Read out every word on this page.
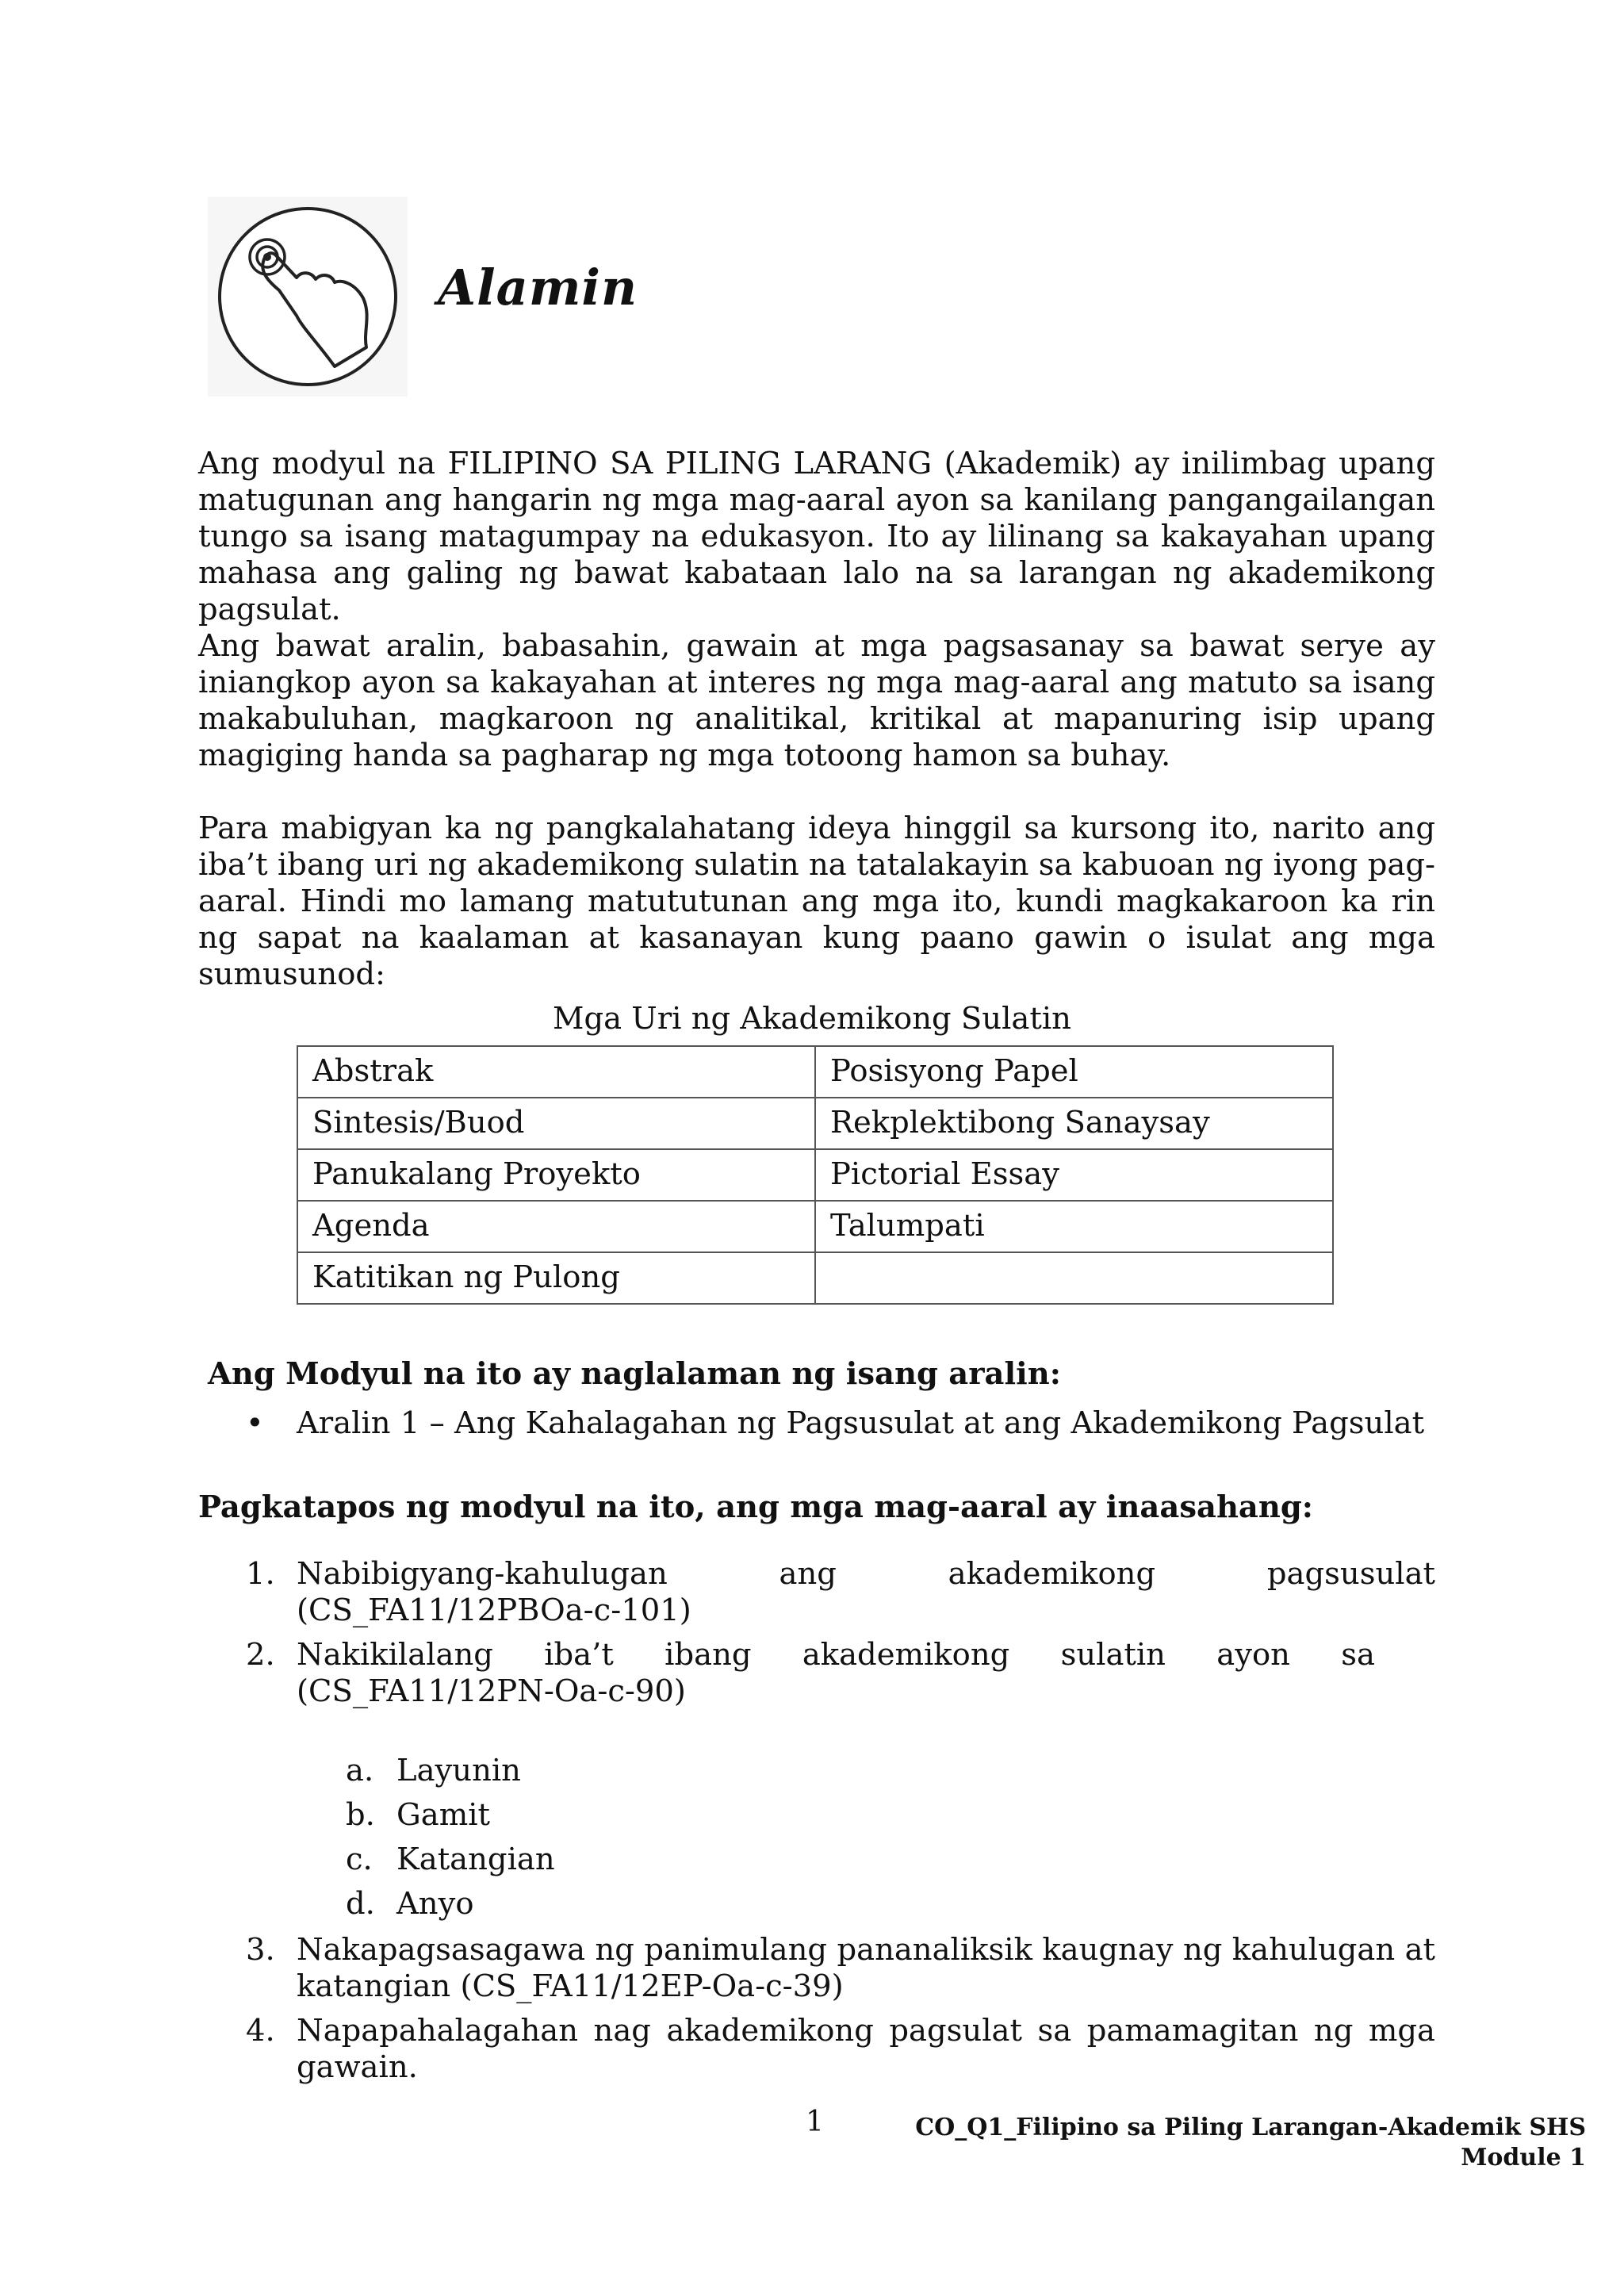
Alamin

Ang modyul na FILIPINO SA PILING LARANG (Akademik) ay inilimbag upang matugunan ang hangarin ng mga mag-aaral ayon sa kanilang pangangailangan tungo sa isang matagumpay na edukasyon. Ito ay lilinang sa kakayahan upang mahasa ang galing ng bawat kabataan lalo na sa larangan ng akademikong pagsulat.

Ang bawat aralin, babasahin, gawain at mga pagsasanay sa bawat serye ay iniangkop ayon sa kakayahan at interes ng mga mag-aaral ang matuto sa isang makabuluhan, magkaroon ng analitikal, kritikal at mapanuring isip upang magiging handa sa pagharap ng mga totoong hamon sa buhay.

Para mabigyan ka ng pangkalahatang ideya hinggil sa kursong ito, narito ang iba’t ibang uri ng akademikong sulatin na tatalakayin sa kabuoan ng iyong pag-aaral. Hindi mo lamang matututunan ang mga ito, kundi magkakaroon ka rin ng sapat na kaalaman at kasanayan kung paano gawin o isulat ang mga sumusunod:

Mga Uri ng Akademikong Sulatin
Abstrak	Posisyong Papel
Sintesis/Buod	Rekplektibong Sanaysay
Panukalang Proyekto	Pictorial Essay
Agenda	Talumpati
Katitikan ng Pulong	

Ang Modyul na ito ay naglalaman ng isang aralin:

• Aralin 1 – Ang Kahalagahan ng Pagsusulat at ang Akademikong Pagsulat

Pagkatapos ng modyul na ito, ang mga mag-aaral ay inaasahang:

1. Nabibigyang-kahulugan ang akademikong pagsusulat (CS_FA11/12PBOa-c-101)
2. Nakikilalang iba’t ibang akademikong sulatin ayon sa (CS_FA11/12PN-Oa-c-90)
a. Layunin
b. Gamit
c. Katangian
d. Anyo
3. Nakapagsasagawa ng panimulang pananaliksik kaugnay ng kahulugan at katangian (CS_FA11/12EP-Oa-c-39)
4. Napapahalagahan nag akademikong pagsulat sa pamamagitan ng mga gawain.
1	CO_Q1_Filipino sa Piling Larangan-Akademik SHS
Module 1
